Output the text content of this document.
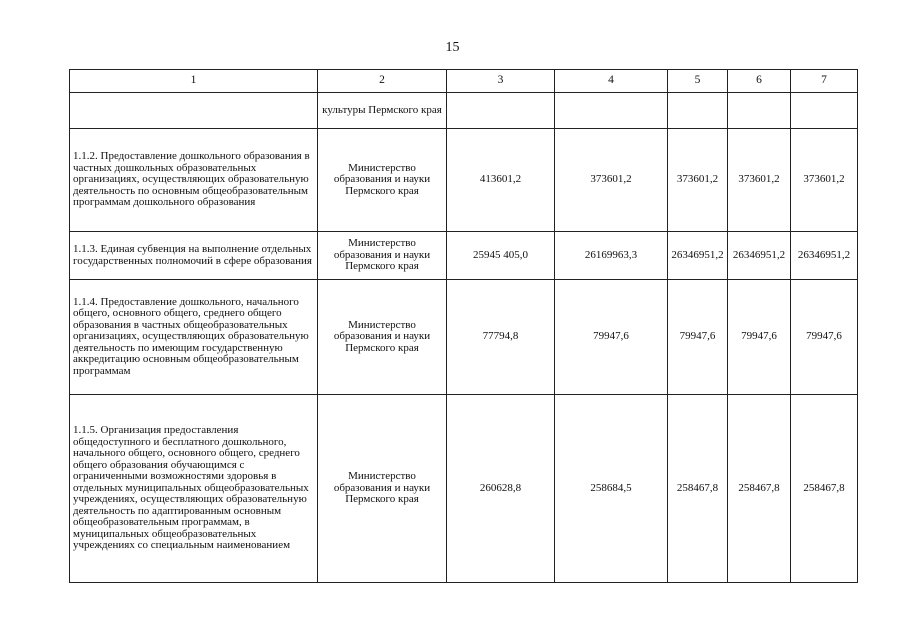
15
1	2	3	4	5	6	7
	культуры Пермского края					
1.1.2. Предоставление дошкольного образования в частных дошкольных образовательных организациях, осуществляющих образовательную деятельность по основным общеобразовательным программам дошкольного образования	Министерство образования и науки Пермского края	413601,2	373601,2	373601,2	373601,2	373601,2
1.1.3. Единая субвенция на выполнение отдельных государственных полномочий в сфере образования	Министерство образования и науки Пермского края	25945 405,0	26169963,3	26346951,2	26346951,2	26346951,2
1.1.4. Предоставление дошкольного, начального общего, основного общего, среднего общего образования в частных общеобразовательных организациях, осуществляющих образовательную деятельность по имеющим государственную аккредитацию основным общеобразовательным программам	Министерство образования и науки Пермского края	77794,8	79947,6	79947,6	79947,6	79947,6
1.1.5. Организация предоставления общедоступного и бесплатного дошкольного, начального общего, основного общего, среднего общего образования обучающимся с ограниченными возможностями здоровья в отдельных муниципальных общеобразовательных учреждениях, осуществляющих образовательную деятельность по адаптированным основным общеобразовательным программам, в муниципальных общеобразовательных учреждениях со специальным наименованием	Министерство образования и науки Пермского края	260628,8	258684,5	258467,8	258467,8	258467,8
